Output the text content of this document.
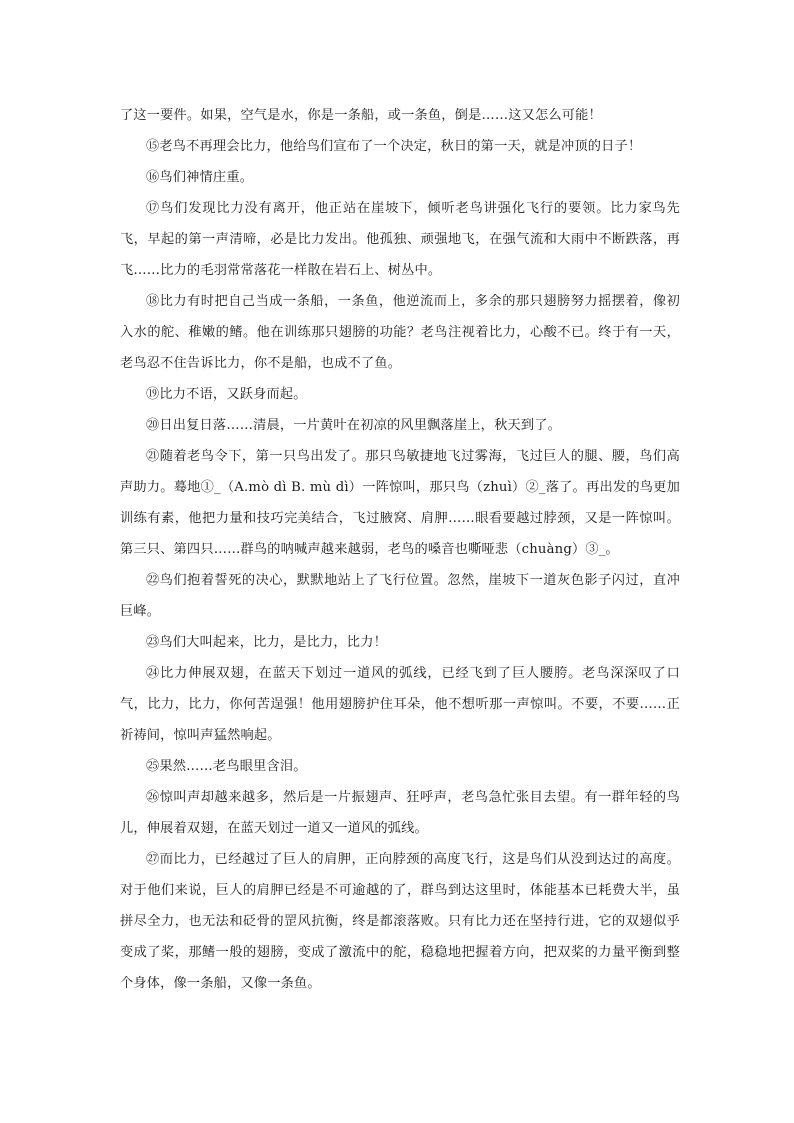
了这一要件。如果，空气是水，你是一条船，或一条鱼，倒是……这又怎么可能！

⑮老鸟不再理会比力，他给鸟们宣布了一个决定，秋日的第一天，就是冲顶的日子！

⑯鸟们神情庄重。

⑰鸟们发现比力没有离开，他正站在崖坡下，倾听老鸟讲强化飞行的要领。比力家鸟先飞，早起的第一声清啼，必是比力发出。他孤独、顽强地飞，在强气流和大雨中不断跌落，再飞……比力的毛羽常常落花一样散在岩石上、树丛中。

⑱比力有时把自己当成一条船，一条鱼，他逆流而上，多余的那只翅膀努力摇摆着，像初入水的舵、稚嫩的鳍。他在训练那只翅膀的功能？老鸟注视着比力，心酸不已。终于有一天，老鸟忍不住告诉比力，你不是船，也成不了鱼。

⑲比力不语，又跃身而起。

⑳日出复日落……清晨，一片黄叶在初凉的风里飘落崖上，秋天到了。

㉑随着老鸟令下，第一只鸟出发了。那只鸟敏捷地飞过雾海，飞过巨人的腿、腰，鸟们高声助力。蓦地①_（A.mò dì B. mù dì）一阵惊叫，那只鸟（zhuì）②_落了。再出发的鸟更加训练有素，他把力量和技巧完美结合，飞过腋窝、肩胛……眼看要越过脖颈，又是一阵惊叫。第三只、第四只……群鸟的呐喊声越来越弱，老鸟的嗓音也嘶哑悲（chuàng）③_。

㉒鸟们抱着誓死的决心，默默地站上了飞行位置。忽然，崖坡下一道灰色影子闪过，直冲巨峰。

㉓鸟们大叫起来，比力，是比力，比力！

㉔比力伸展双翅，在蓝天下划过一道风的弧线，已经飞到了巨人腰胯。老鸟深深叹了口气，比力，比力，你何苦逞强！他用翅膀护住耳朵，他不想听那一声惊叫。不要，不要……正祈祷间，惊叫声猛然响起。

㉕果然……老鸟眼里含泪。

㉖惊叫声却越来越多，然后是一片振翅声、狂呼声，老鸟急忙张目去望。有一群年轻的鸟儿，伸展着双翅，在蓝天划过一道又一道风的弧线。

㉗而比力，已经越过了巨人的肩胛，正向脖颈的高度飞行，这是鸟们从没到达过的高度。对于他们来说，巨人的肩胛已经是不可逾越的了，群鸟到达这里时，体能基本已耗费大半，虽拼尽全力，也无法和砭骨的罡风抗衡，终是都滚落败。只有比力还在坚持行进，它的双翅似乎变成了桨，那鳍一般的翅膀，变成了激流中的舵，稳稳地把握着方向，把双桨的力量平衡到整个身体，像一条船，又像一条鱼。
